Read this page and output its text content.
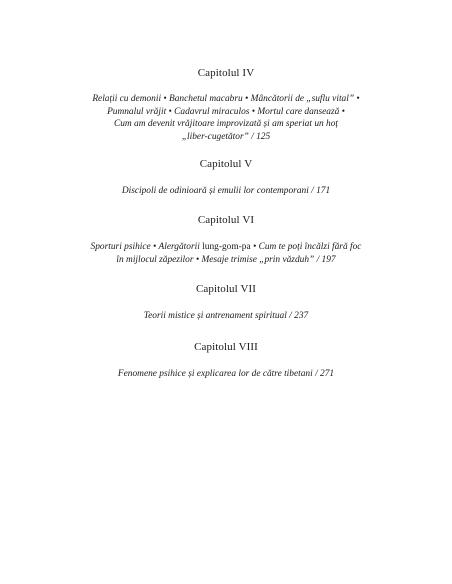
Capitolul IV

Relații cu demonii • Banchetul macabru • Mâncătorii de „suflu vital” •
Pumnalul vrăjit • Cadavrul miraculos • Mortul care dansează •
Cum am devenit vrăjitoare improvizată și am speriat un hoț
„liber-cugetător” / 125

Capitolul V

Discipoli de odinioară și emulii lor contemporani / 171

Capitolul VI

Sporturi psihice • Alergătorii lung-gom-pa • Cum te poți încălzi fără foc
în mijlocul zăpezilor • Mesaje trimise „prin văzduh” / 197

Capitolul VII

Teorii mistice și antrenament spiritual / 237

Capitolul VIII

Fenomene psihice și explicarea lor de către tibetani / 271
